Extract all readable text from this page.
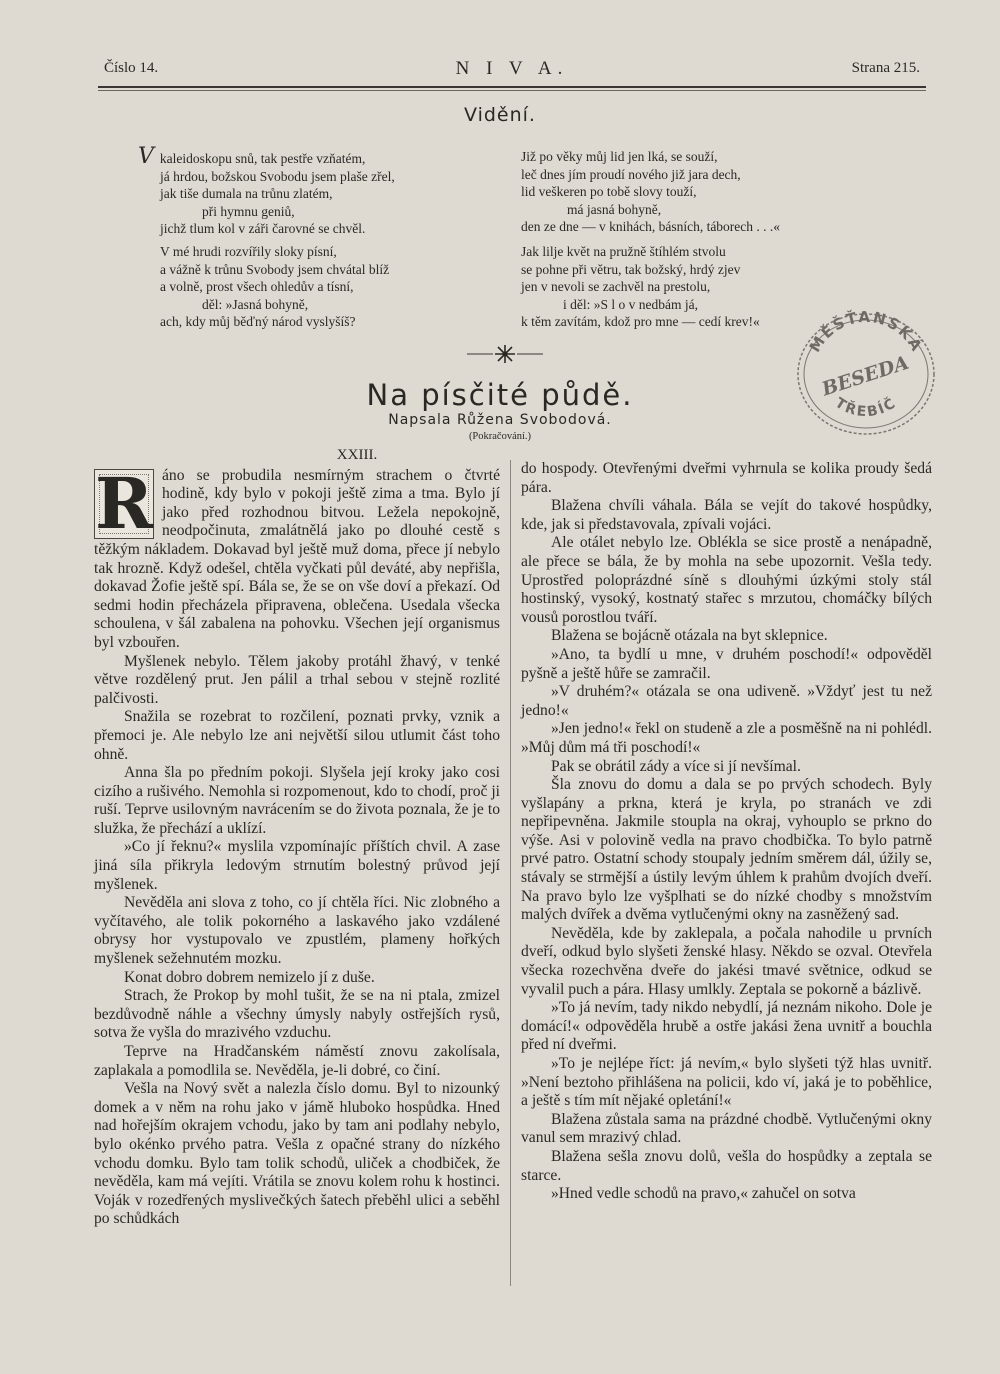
Číslo 14.	N I V A.	Strana 215.
Vidění.
Vkaleidoskopu snů, tak pestře vzňatém,
já hrdou, božskou Svobodu jsem plaše zřel,
jak tiše dumala na trůnu zlatém,
při hymnu geniů,
jichž tlum kol v záři čarovné se chvěl.
V mé hrudi rozvířily sloky písní,
a vážně k trůnu Svobody jsem chvátal blíž
a volně, prost všech ohledův a tísní,
děl: »Jasná bohyně,
ach, kdy můj běďný národ vyslyšíš?
Již po věky můj lid jen lká, se souží,
leč dnes jím proudí nového již jara dech,
lid veškeren po tobě slovy touží,
má jasná bohyně,
den ze dne — v knihách, básních, táborech . . .«
Jak lilje květ na pružně štíhlém stvolu
se pohne při větru, tak božský, hrdý zjev
jen v nevoli se zachvěl na prestolu,
i děl: »S l o v nedbám já,
k těm zavítám, kdož pro mne — cedí krev!«
Na písčité půdě.
Napsala Růžena Svobodová.
(Pokračování.)
MĚŠŤANSKÁ
BESEDA
TŘEBÍČ
XXIII.
R áno se probudila nesmírným strachem o čtvrté hodině, kdy bylo v pokoji ještě zima a tma. Bylo jí jako před rozhodnou bitvou. Ležela nepokojně, neodpočinuta, zmalátnělá jako po dlouhé cestě s těžkým nákladem. Dokavad byl ještě muž doma, přece jí nebylo tak hrozně. Když odešel, chtěla vyčkati půl deváté, aby nepřišla, dokavad Žofie ještě spí. Bála se, že se on vše doví a překazí. Od sedmi hodin přecházela připravena, oblečena. Usedala všecka schoulena, v šál zabalena na pohovku. Všechen její organismus byl vzbouřen.

Myšlenek nebylo. Tělem jakoby protáhl žhavý, v tenké větve rozdělený prut. Jen pálil a trhal sebou v stejně rozlité palčivosti.

Snažila se rozebrat to rozčilení, poznati prvky, vznik a přemoci je. Ale nebylo lze ani největší silou utlumit část toho ohně.

Anna šla po předním pokoji. Slyšela její kroky jako cosi cizího a rušivého. Nemohla si rozpomenout, kdo to chodí, proč ji ruší. Teprve usilovným navrácením se do života poznala, že je to služka, že přechází a uklízí.

»Co jí řeknu?« myslila vzpomínajíc příštích chvil. A zase jiná síla přikryla ledovým strnutím bolestný průvod její myšlenek.

Nevěděla ani slova z toho, co jí chtěla říci. Nic zlobného a vyčítavého, ale tolik pokorného a laskavého jako vzdálené obrysy hor vystupovalo ve zpustlém, plameny hořkých myšlenek sežehnutém mozku.

Konat dobro dobrem nemizelo jí z duše.

Strach, že Prokop by mohl tušit, že se na ni ptala, zmizel bezdůvodně náhle a všechny úmysly nabyly ostřejších rysů, sotva že vyšla do mrazivého vzduchu.

Teprve na Hradčanském náměstí znovu zakolísala, zaplakala a pomodlila se. Nevěděla, je-li dobré, co činí.

Vešla na Nový svět a nalezla číslo domu. Byl to nizounký domek a v něm na rohu jako v jámě hluboko hospůdka. Hned nad hořejším okrajem vchodu, jako by tam ani podlahy nebylo, bylo okénko prvého patra. Vešla z opačné strany do nízkého vchodu domku. Bylo tam tolik schodů, uliček a chodbiček, že nevěděla, kam má vejíti. Vrátila se znovu kolem rohu k hostinci. Voják v rozedřených myslivečkých šatech přeběhl ulici a seběhl po schůdkách

do hospody. Otevřenými dveřmi vyhrnula se kolika proudy šedá pára.

Blažena chvíli váhala. Bála se vejít do takové hospůdky, kde, jak si představovala, zpívali vojáci.

Ale otálet nebylo lze. Oblékla se sice prostě a nenápadně, ale přece se bála, že by mohla na sebe upozornit. Vešla tedy. Uprostřed poloprázdné síně s dlouhými úzkými stoly stál hostinský, vysoký, kostnatý stařec s mrzutou, chomáčky bílých vousů porostlou tváří.

Blažena se bojácně otázala na byt sklepnice.

»Ano, ta bydlí u mne, v druhém poschodí!« odpověděl pyšně a ještě hůře se zamračil.

»V druhém?« otázala se ona udiveně. »Vždyť jest tu než jedno!«

»Jen jedno!« řekl on studeně a zle a posměšně na ni pohlédl. »Můj dům má tři poschodí!«

Pak se obrátil zády a více si jí nevšímal.

Šla znovu do domu a dala se po prvých schodech. Byly vyšlapány a prkna, která je kryla, po stranách ve zdi nepřipevněna. Jakmile stoupla na okraj, vyhouplo se prkno do výše. Asi v polovině vedla na pravo chodbička. To bylo patrně prvé patro. Ostatní schody stoupaly jedním směrem dál, úžily se, stávaly se strmější a ústily levým úhlem k prahům dvojích dveří. Na pravo bylo lze vyšplhati se do nízké chodby s množstvím malých dvířek a dvěma vytlučenými okny na zasněžený sad.

Nevěděla, kde by zaklepala, a počala nahodile u prvních dveří, odkud bylo slyšeti ženské hlasy. Někdo se ozval. Otevřela všecka rozechvěna dveře do jakési tmavé světnice, odkud se vyvalil puch a pára. Hlasy umlkly. Zeptala se pokorně a bázlivě.

»To já nevím, tady nikdo nebydlí, já neznám nikoho. Dole je domácí!« odpověděla hrubě a ostře jakási žena uvnitř a bouchla před ní dveřmi.

»To je nejlépe říct: já nevím,« bylo slyšeti týž hlas uvnitř. »Není beztoho přihlášena na policii, kdo ví, jaká je to poběhlice, a ještě s tím mít nějaké opletání!«

Blažena zůstala sama na prázdné chodbě. Vytlučenými okny vanul sem mrazivý chlad.

Blažena sešla znovu dolů, vešla do hospůdky a zeptala se starce.

»Hned vedle schodů na pravo,« zahučel on sotva
